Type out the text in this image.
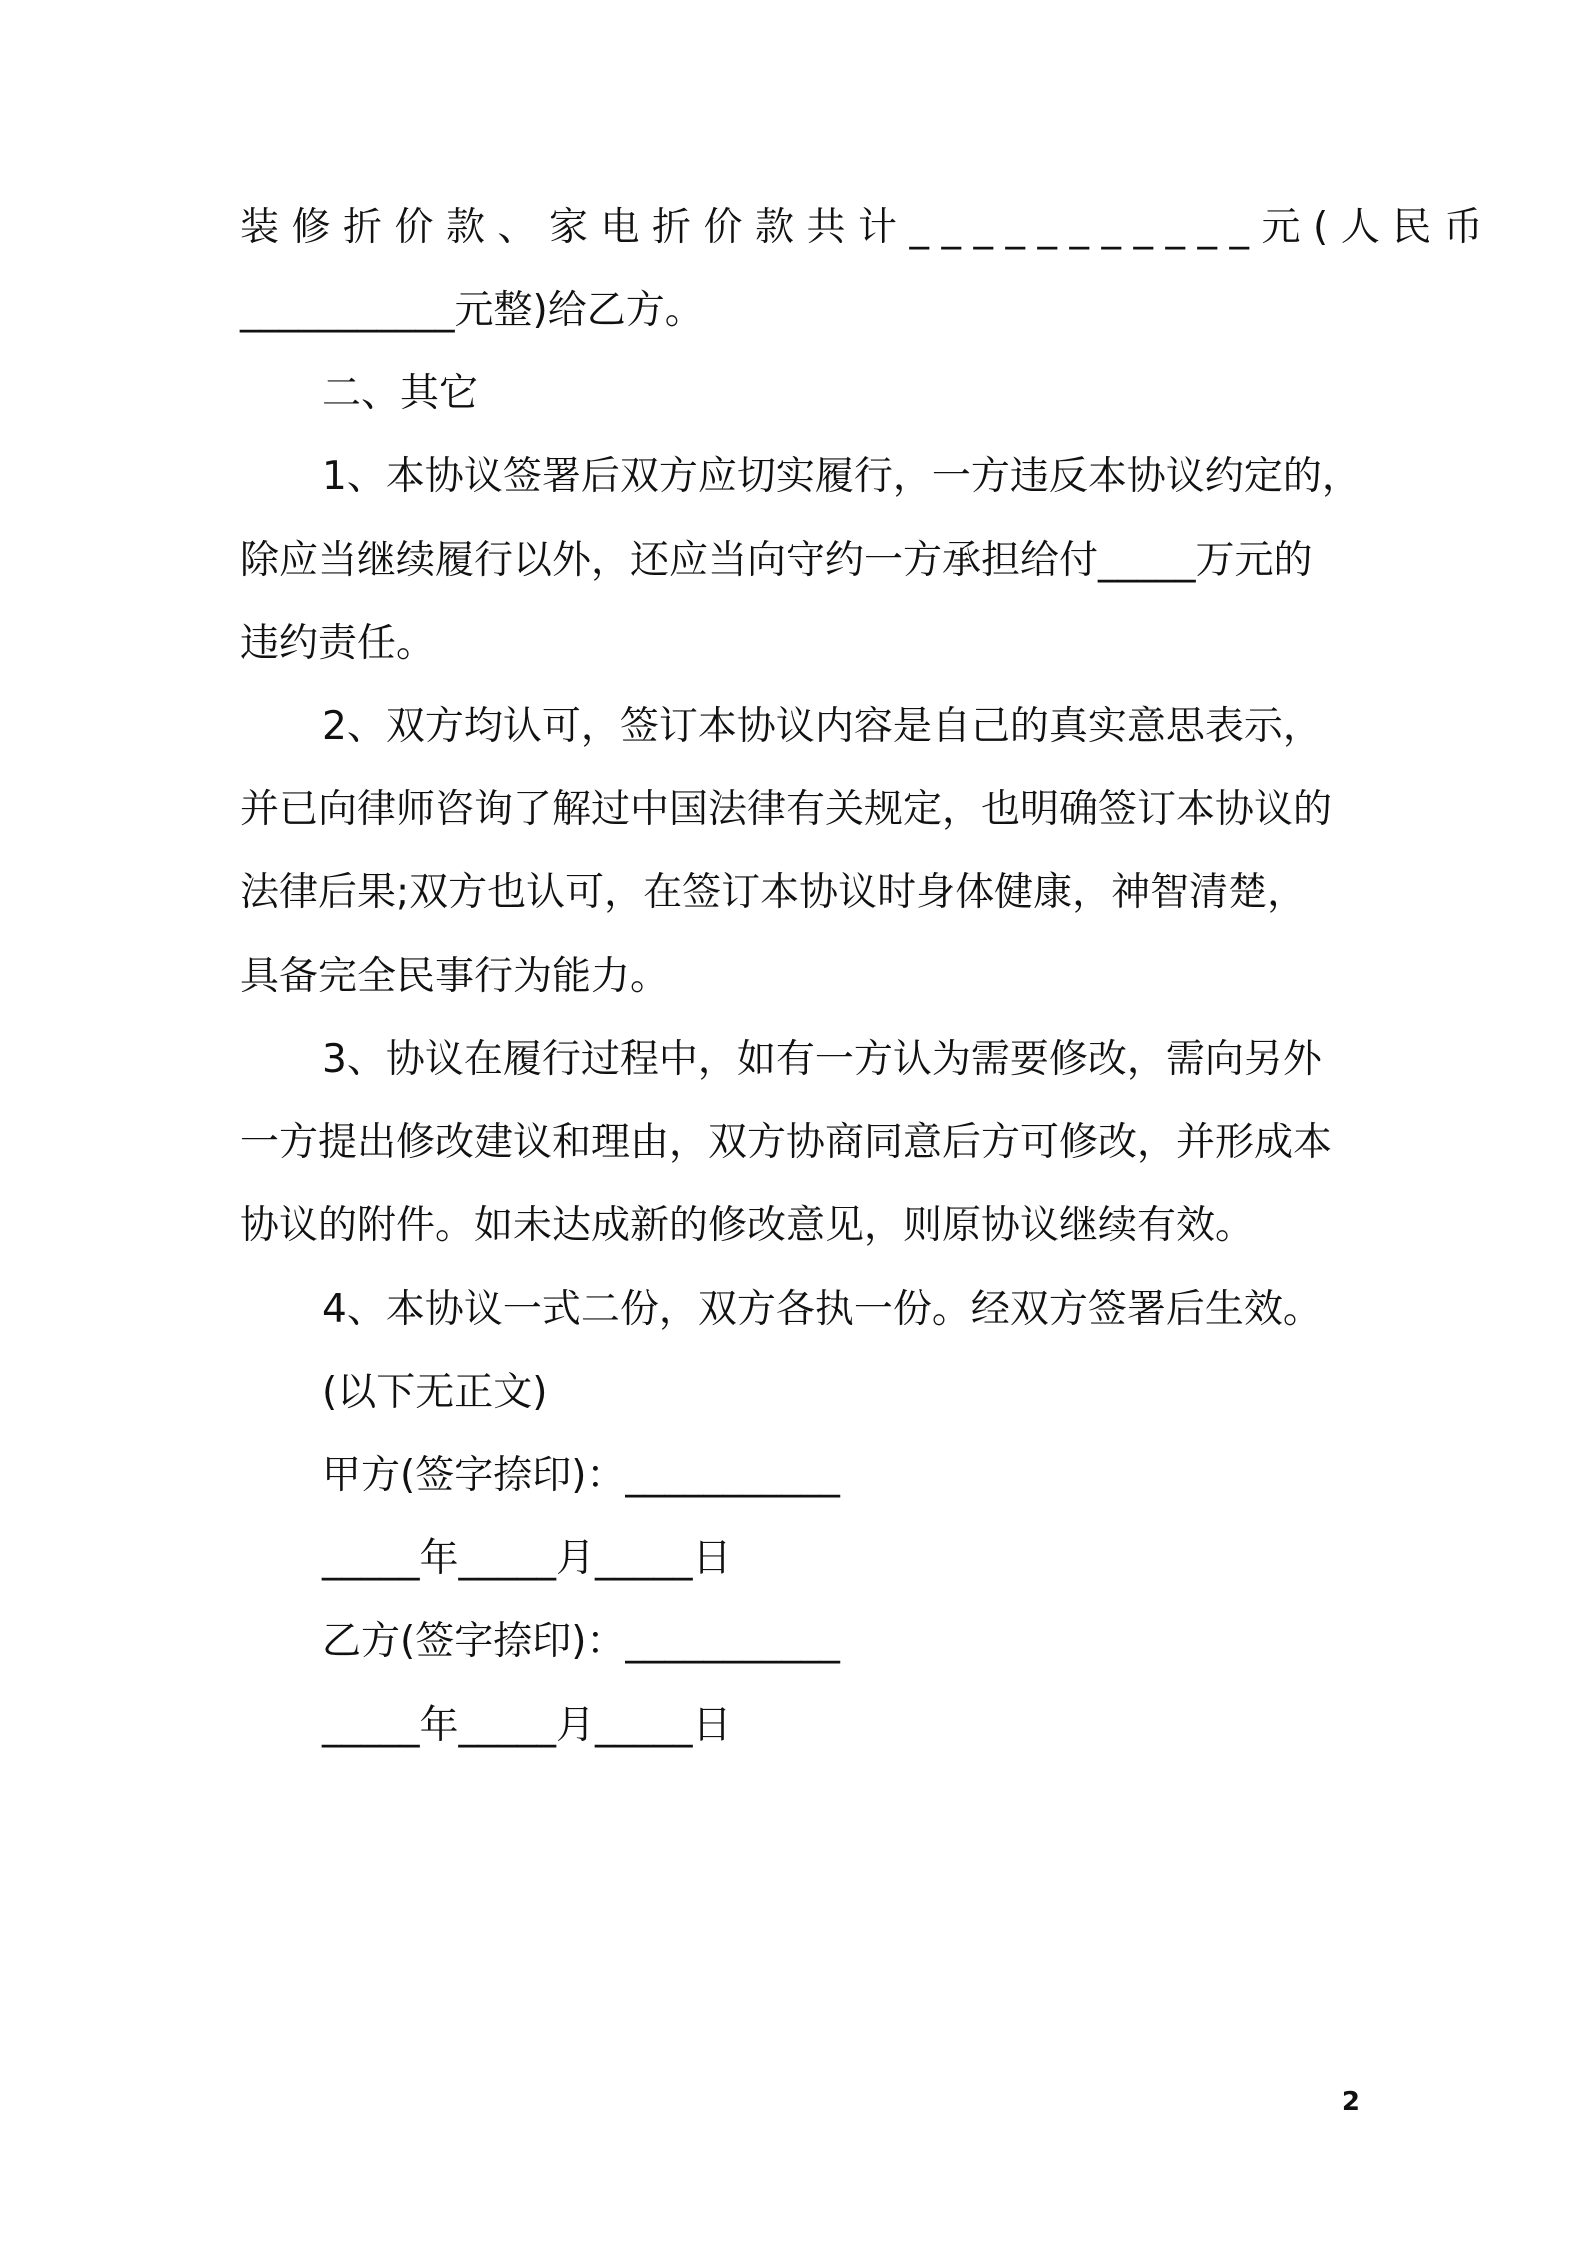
装修折价款、家电折价款共计___________元(人民币
___________元整)给乙方。
二、其它
1、本协议签署后双方应切实履行，一方违反本协议约定的，
除应当继续履行以外，还应当向守约一方承担给付_____万元的
违约责任。
2、双方均认可，签订本协议内容是自己的真实意思表示，
并已向律师咨询了解过中国法律有关规定，也明确签订本协议的
法律后果;双方也认可，在签订本协议时身体健康，神智清楚，
具备完全民事行为能力。
3、协议在履行过程中，如有一方认为需要修改，需向另外
一方提出修改建议和理由，双方协商同意后方可修改，并形成本
协议的附件。如未达成新的修改意见，则原协议继续有效。
4、本协议一式二份，双方各执一份。经双方签署后生效。
(以下无正文)
甲方(签字捺印)：___________
_____年_____月_____日
乙方(签字捺印)：___________
_____年_____月_____日
2
